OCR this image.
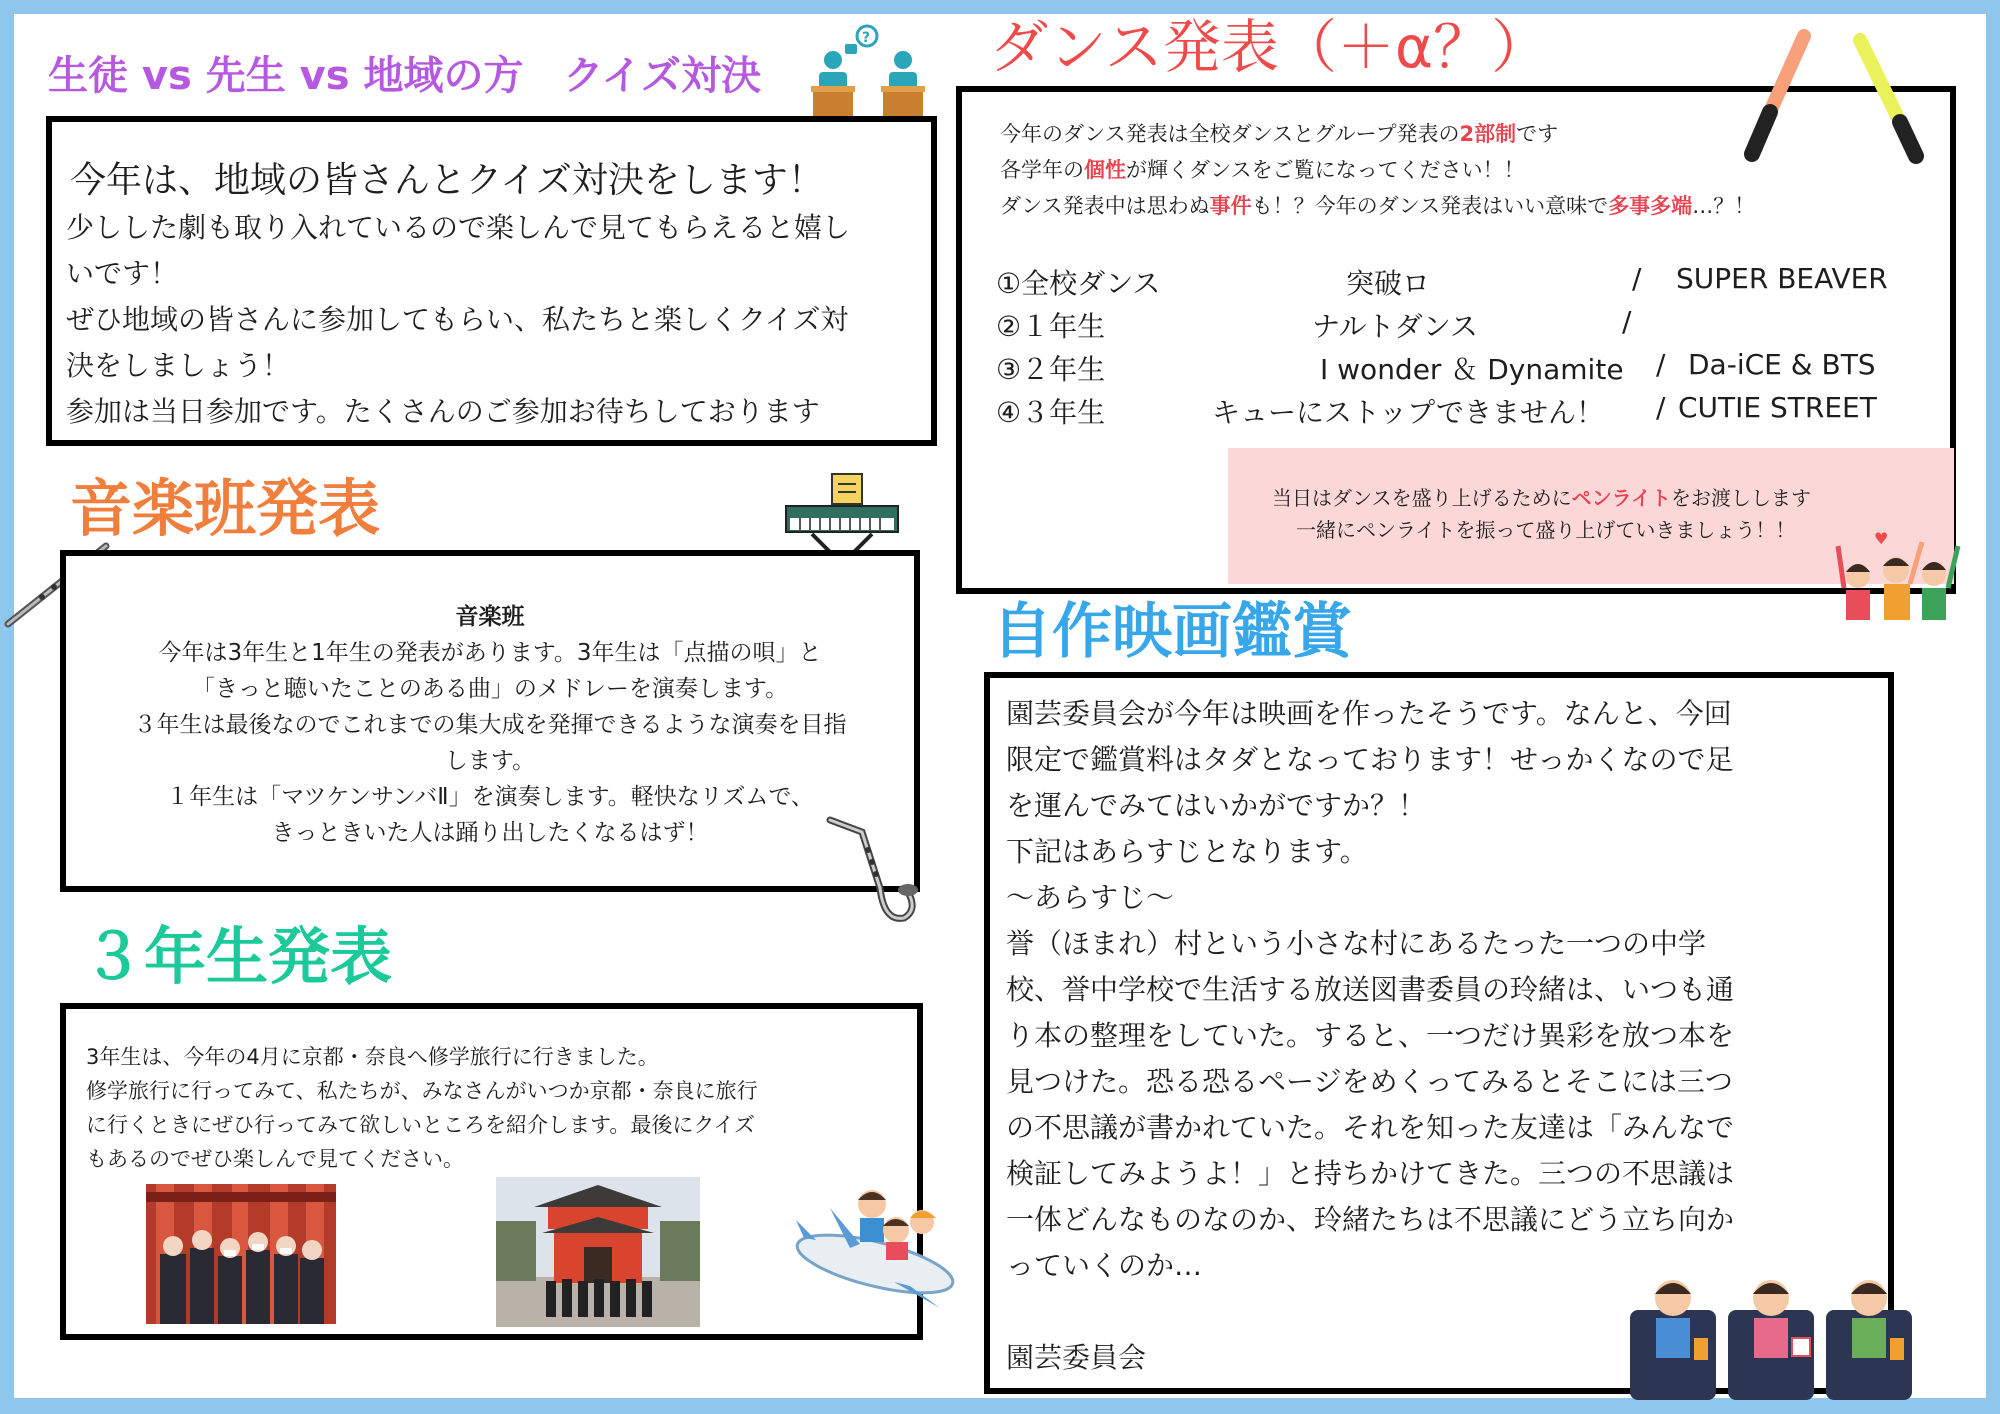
生徒 vs 先生 vs 地域の方　クイズ対決
?
今年は、地域の皆さんとクイズ対決をします！
少しした劇も取り入れているので楽しんで見てもらえると嬉し
いです！
ぜひ地域の皆さんに参加してもらい、私たちと楽しくクイズ対
決をしましょう！
参加は当日参加です。たくさんのご参加お待ちしております
音楽班発表
音楽班
今年は3年生と1年生の発表があります。3年生は「点描の唄」と
「きっと聴いたことのある曲」のメドレーを演奏します。
３年生は最後なのでこれまでの集大成を発揮できるような演奏を目指
します。
１年生は「マツケンサンバⅡ」を演奏します。軽快なリズムで、
きっときいた人は踊り出したくなるはず！
３年生発表
3年生は、今年の4月に京都・奈良へ修学旅行に行きました。
修学旅行に行ってみて、私たちが、みなさんがいつか京都・奈良に旅行
に行くときにぜひ行ってみて欲しいところを紹介します。最後にクイズ
もあるのでぜひ楽しんで見てください。
ダンス発表（＋α？）
今年のダンス発表は全校ダンスとグループ発表の2部制です
各学年の個性が輝くダンスをご覧になってください！！
ダンス発表中は思わぬ事件も！？今年のダンス発表はいい意味で多事多端…？！
①全校ダンス	突破ロ	/ SUPER BEAVER
②１年生	ナルトダンス	/
③２年生	I wonder ＆ Dynamite / Da-iCE & BTS
④３年生	キューにストップできません！ / CUTIE STREET
当日はダンスを盛り上げるためにペンライトをお渡しします
一緒にペンライトを振って盛り上げていきましょう！！	♥
自作映画鑑賞
園芸委員会が今年は映画を作ったそうです。なんと、今回
限定で鑑賞料はタダとなっております！せっかくなので足
を運んでみてはいかがですか？！
下記はあらすじとなります。
～あらすじ～
誉（ほまれ）村という小さな村にあるたった一つの中学
校、誉中学校で生活する放送図書委員の玲緒は、いつも通
り本の整理をしていた。すると、一つだけ異彩を放つ本を
見つけた。恐る恐るページをめくってみるとそこには三つ
の不思議が書かれていた。それを知った友達は「みんなで
検証してみようよ！」と持ちかけてきた。三つの不思議は
一体どんなものなのか、玲緒たちは不思議にどう立ち向か
っていくのか…
園芸委員会
